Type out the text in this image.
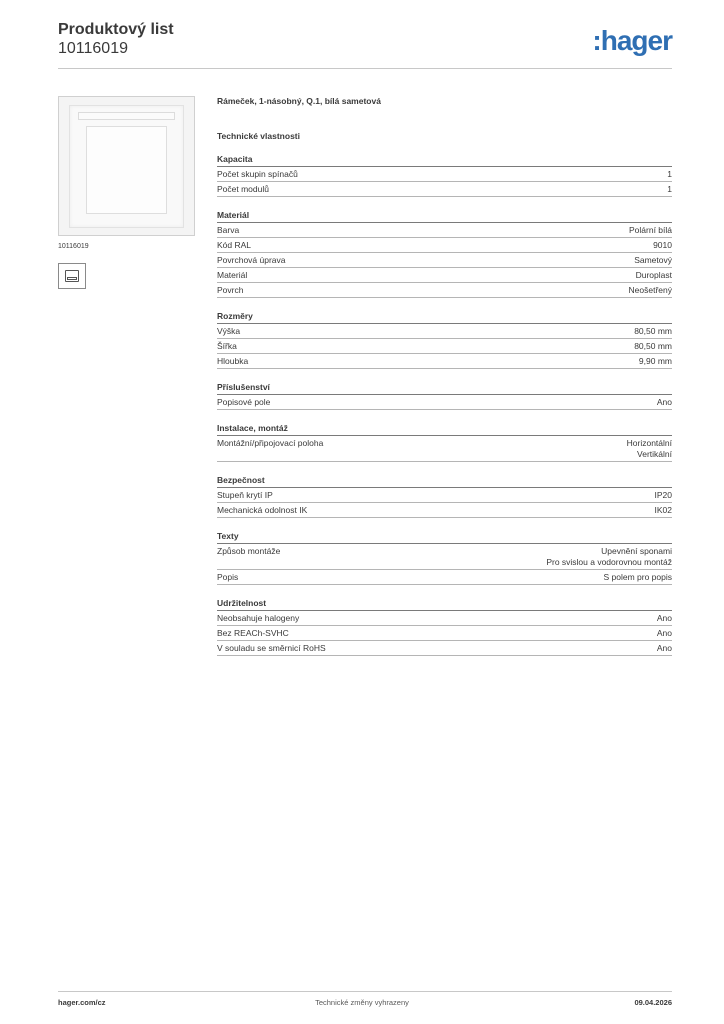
Produktový list
10116019	:hager
10116019
Rámeček, 1-násobný, Q.1, bílá sametová
Technické vlastnosti
Kapacita
Počet skupin spínačů	1
Počet modulů	1
Materiál
Barva	Polární bílá
Kód RAL	9010
Povrchová úprava	Sametový
Materiál	Duroplast
Povrch	Neošetřený
Rozměry
Výška	80,50 mm
Šířka	80,50 mm
Hloubka	9,90 mm
Příslušenství
Popisové pole	Ano
Instalace, montáž
Montážní/připojovací poloha	Horizontální
Vertikální
Bezpečnost
Stupeň krytí IP	IP20
Mechanická odolnost IK	IK02
Texty
Způsob montáže	Upevnění sponami
Pro svislou a vodorovnou montáž
Popis	S polem pro popis
Udržitelnost
Neobsahuje halogeny	Ano
Bez REACh-SVHC	Ano
V souladu se směrnicí RoHS	Ano
hager.com/cz	Technické změny vyhrazeny	09.04.2026
